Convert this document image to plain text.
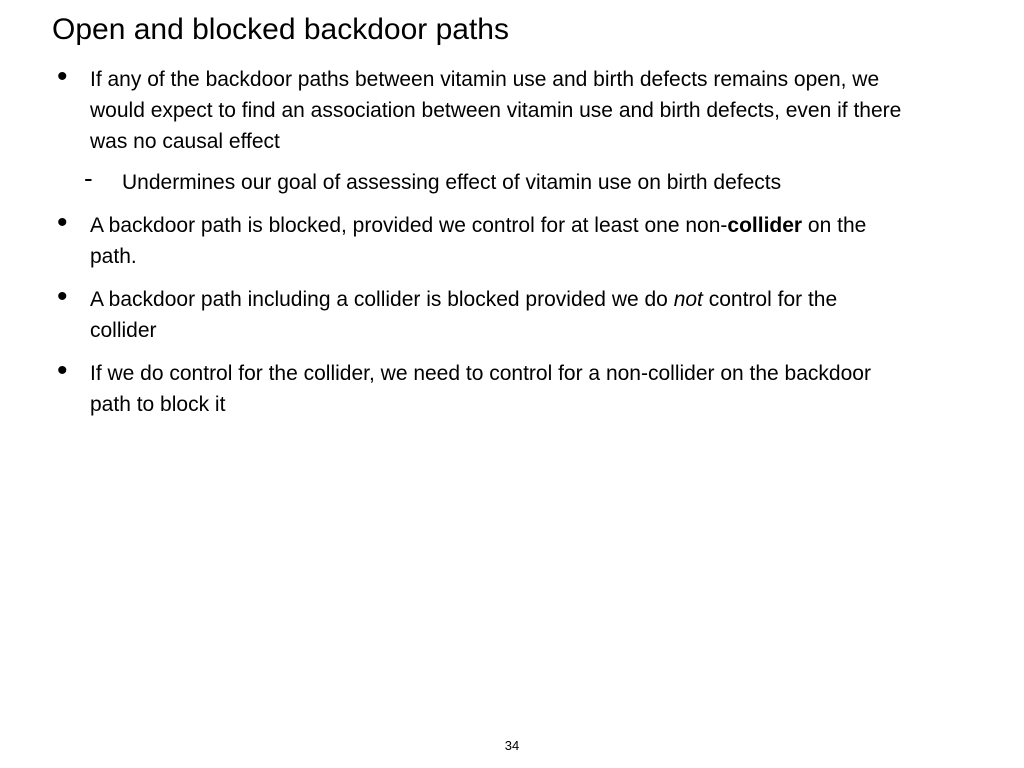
Open and blocked backdoor paths
• If any of the backdoor paths between vitamin use and birth defects remains open, we would expect to find an association between vitamin use and birth defects, even if there was no causal effect
- Undermines our goal of assessing effect of vitamin use on birth defects
• A backdoor path is blocked, provided we control for at least one non-collider on the path.
• A backdoor path including a collider is blocked provided we do not control for the collider
• If we do control for the collider, we need to control for a non-collider on the backdoor path to block it
34
